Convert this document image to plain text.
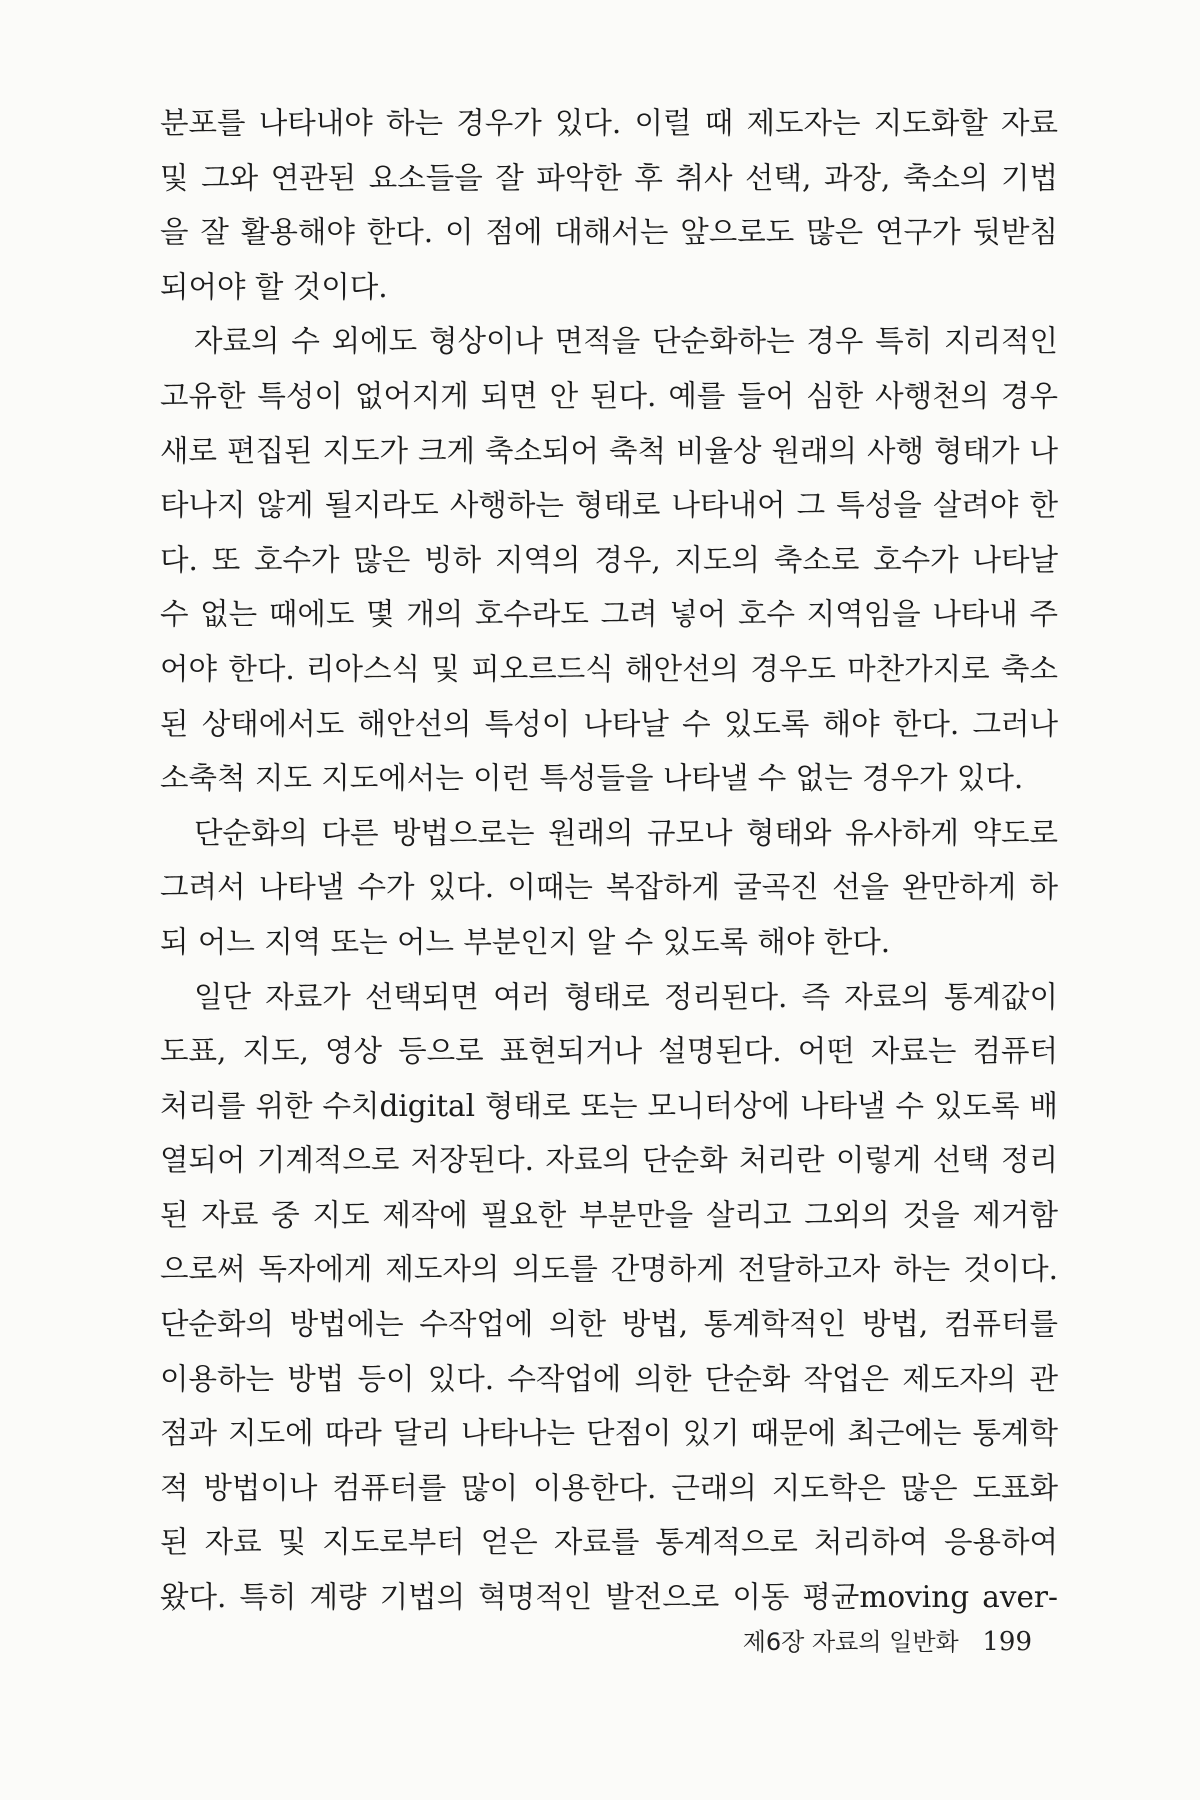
분포를 나타내야 하는 경우가 있다. 이럴 때 제도자는 지도화할 자료
및 그와 연관된 요소들을 잘 파악한 후 취사 선택, 과장, 축소의 기법
을 잘 활용해야 한다. 이 점에 대해서는 앞으로도 많은 연구가 뒷받침
되어야 할 것이다.
자료의 수 외에도 형상이나 면적을 단순화하는 경우 특히 지리적인
고유한 특성이 없어지게 되면 안 된다. 예를 들어 심한 사행천의 경우
새로 편집된 지도가 크게 축소되어 축척 비율상 원래의 사행 형태가 나
타나지 않게 될지라도 사행하는 형태로 나타내어 그 특성을 살려야 한
다. 또 호수가 많은 빙하 지역의 경우, 지도의 축소로 호수가 나타날
수 없는 때에도 몇 개의 호수라도 그려 넣어 호수 지역임을 나타내 주
어야 한다. 리아스식 및 피오르드식 해안선의 경우도 마찬가지로 축소
된 상태에서도 해안선의 특성이 나타날 수 있도록 해야 한다. 그러나
소축척 지도 지도에서는 이런 특성들을 나타낼 수 없는 경우가 있다.
단순화의 다른 방법으로는 원래의 규모나 형태와 유사하게 약도로
그려서 나타낼 수가 있다. 이때는 복잡하게 굴곡진 선을 완만하게 하
되 어느 지역 또는 어느 부분인지 알 수 있도록 해야 한다.
일단 자료가 선택되면 여러 형태로 정리된다. 즉 자료의 통계값이
도표, 지도, 영상 등으로 표현되거나 설명된다. 어떤 자료는 컴퓨터
처리를 위한 수치digital 형태로 또는 모니터상에 나타낼 수 있도록 배
열되어 기계적으로 저장된다. 자료의 단순화 처리란 이렇게 선택 정리
된 자료 중 지도 제작에 필요한 부분만을 살리고 그외의 것을 제거함
으로써 독자에게 제도자의 의도를 간명하게 전달하고자 하는 것이다.
단순화의 방법에는 수작업에 의한 방법, 통계학적인 방법, 컴퓨터를
이용하는 방법 등이 있다. 수작업에 의한 단순화 작업은 제도자의 관
점과 지도에 따라 달리 나타나는 단점이 있기 때문에 최근에는 통계학
적 방법이나 컴퓨터를 많이 이용한다. 근래의 지도학은 많은 도표화
된 자료 및 지도로부터 얻은 자료를 통계적으로 처리하여 응용하여
왔다. 특히 계량 기법의 혁명적인 발전으로 이동 평균moving aver-
제6장 자료의 일반화 199
